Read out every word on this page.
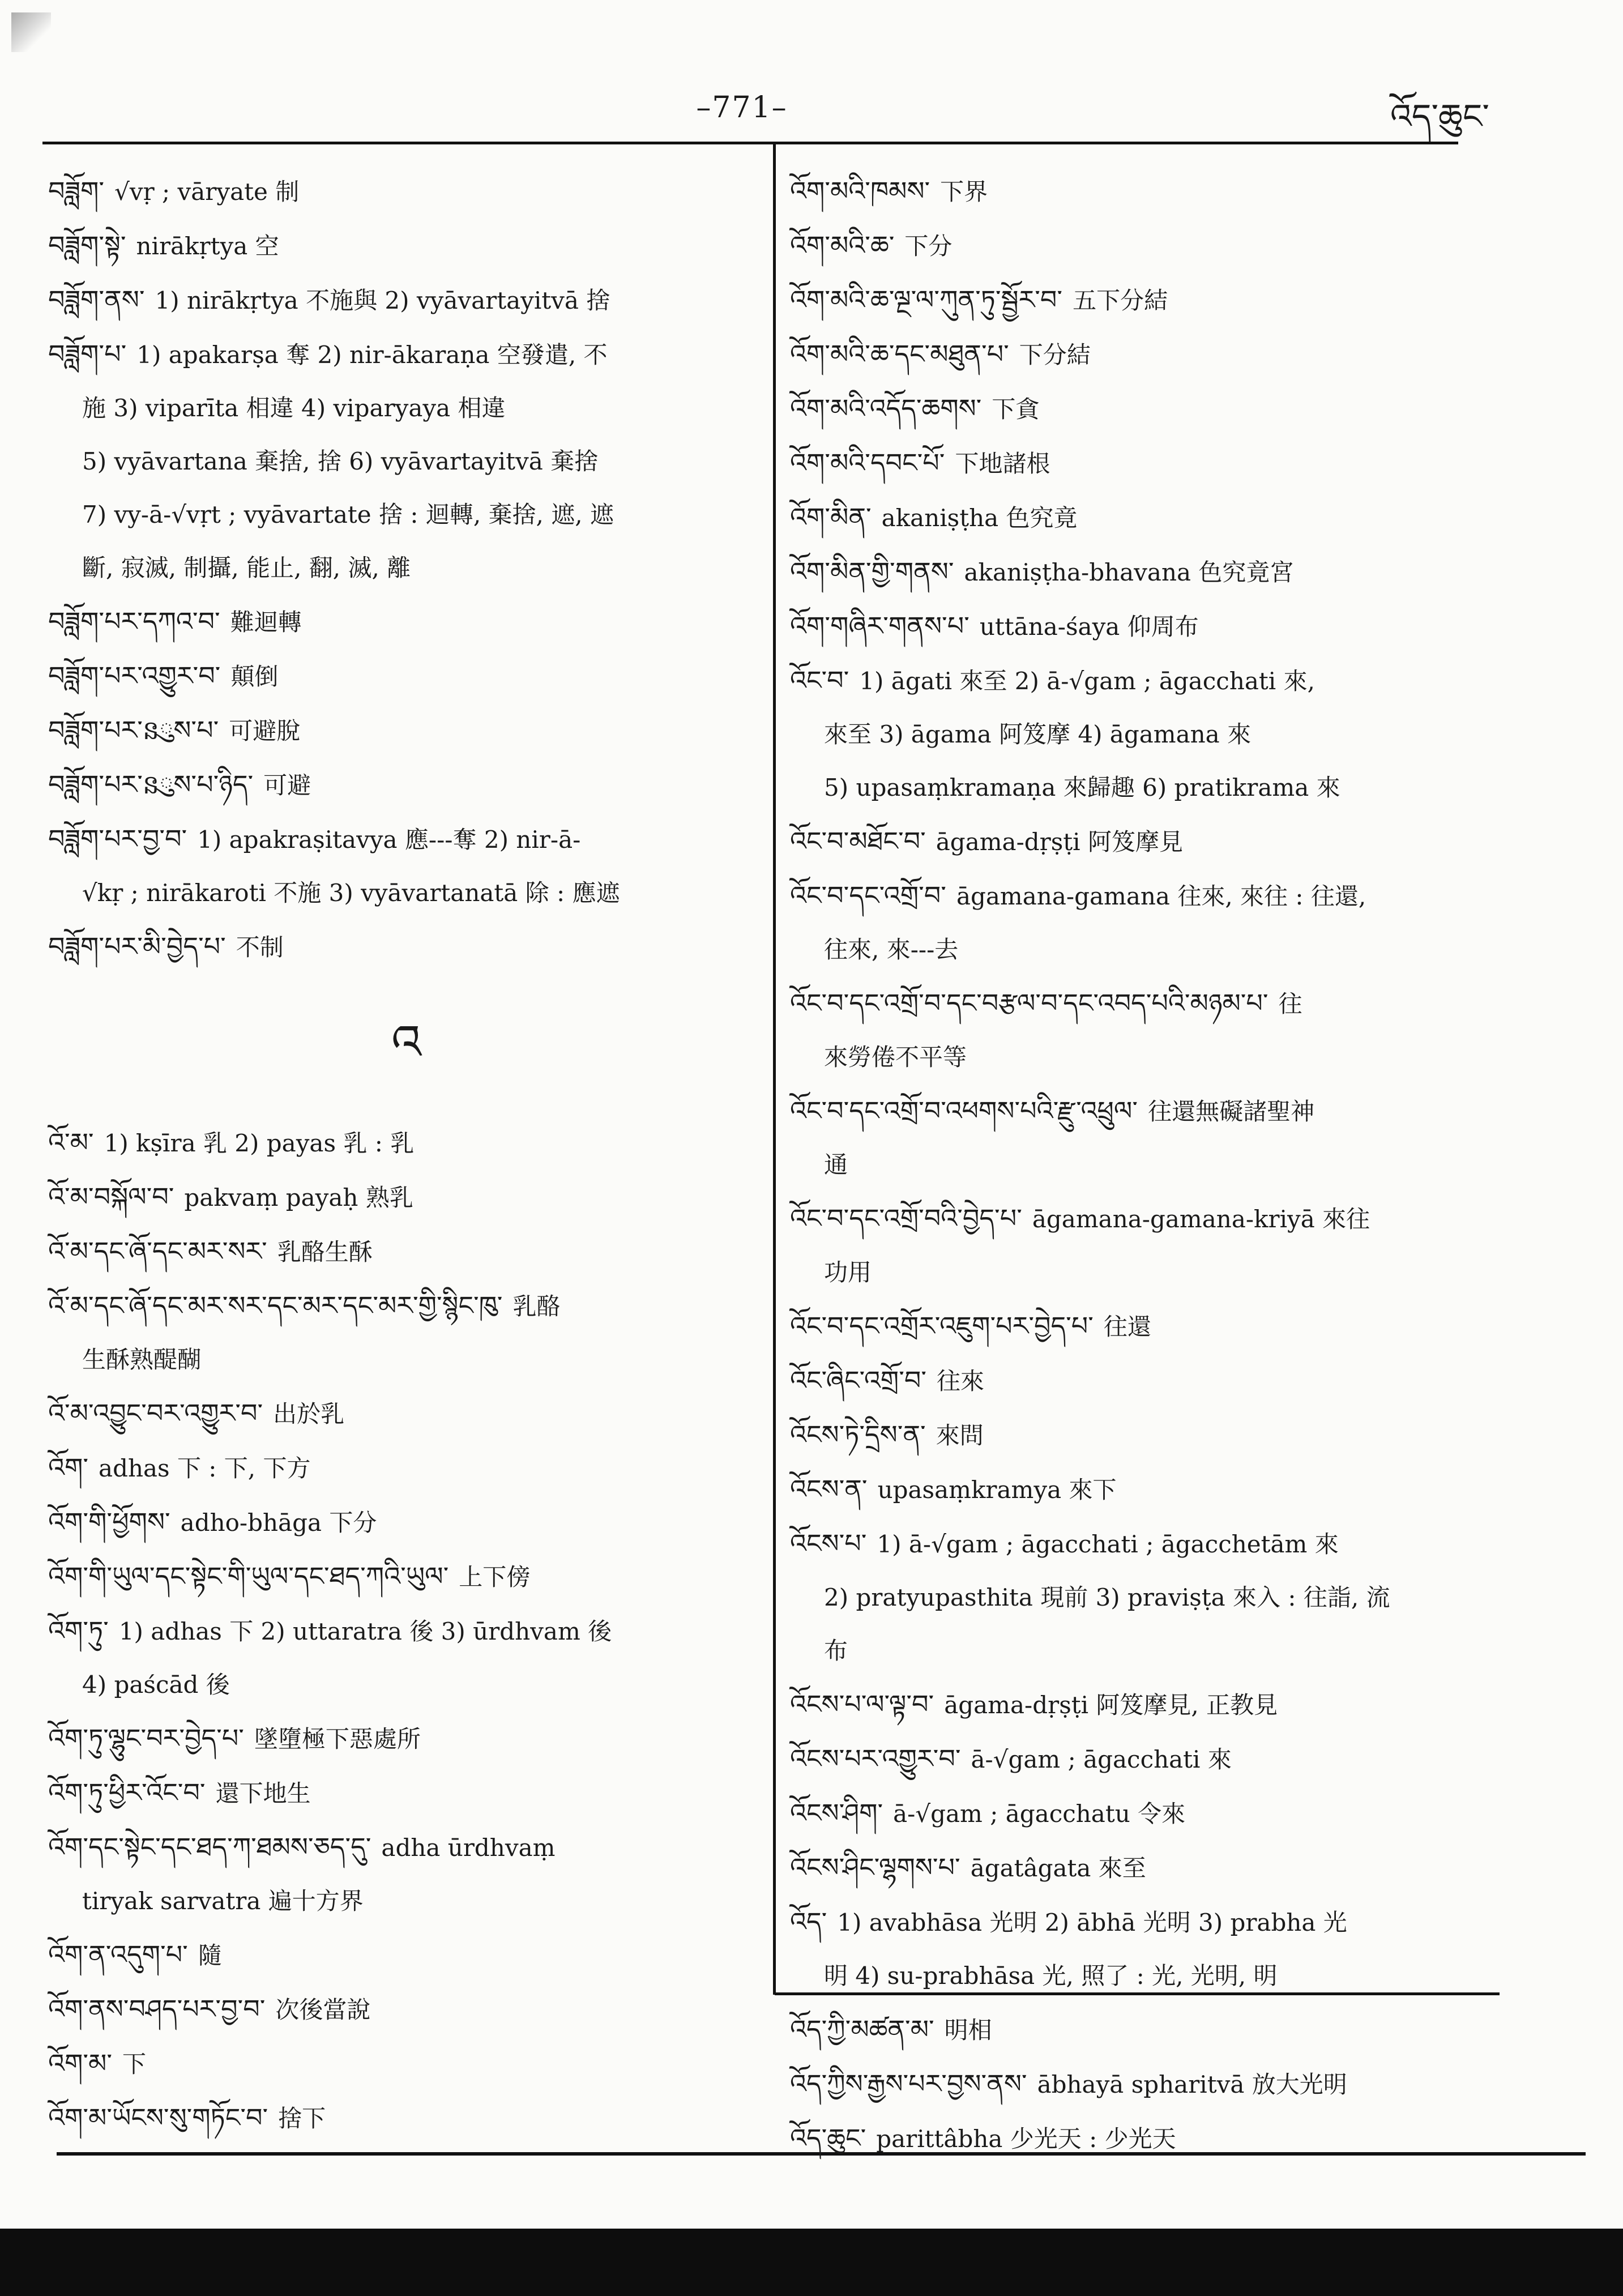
–771–	འོད་ཆུང་
བཟློག་ √vṛ ; vāryate 制
བཟློག་སྟེ་ nirākṛtya 空
བཟློག་ནས་ 1) nirākṛtya 不施與 2) vyāvartayitvā 捨
བཟློག་པ་ 1) apakarṣa 奪 2) nir-ākaraṇa 空發遣, 不
施 3) viparīta 相違 4) viparyaya 相違
5) vyāvartana 棄捨, 捨 6) vyāvartayitvā 棄捨
7) vy-ā-√vṛt ; vyāvartate 捨 : 迴轉, 棄捨, 遮, 遮
斷, 寂滅, 制攝, 能止, 翻, 滅, 離
བཟློག་པར་དཀའ་བ་ 難迴轉
བཟློག་པར་འགྱུར་བ་ 顛倒
བཟློག་པར་នུས་པ་ 可避脫
བཟློག་པར་នུས་པ་ཉིད་ 可避
བཟློག་པར་བྱ་བ་ 1) apakraṣitavya 應---奪 2) nir-ā-
√kṛ ; nirākaroti 不施 3) vyāvartanatā 除 : 應遮
བཟློག་པར་མི་བྱེད་པ་ 不制
འ
འོ་མ་ 1) kṣīra 乳 2) payas 乳 : 乳
འོ་མ་བསྐོལ་བ་ pakvaṃ payaḥ 熟乳
འོ་མ་དང་ཞོ་དང་མར་སར་ 乳酪生酥
འོ་མ་དང་ཞོ་དང་མར་སར་དང་མར་དང་མར་གྱི་སྙིང་ཁུ་ 乳酪
生酥熟醍醐
འོ་མ་འབྱུང་བར་འགྱུར་བ་ 出於乳
འོག་ adhas 下 : 下, 下方
འོག་གི་ཕྱོགས་ adho-bhāga 下分
འོག་གི་ཡུལ་དང་སྟེང་གི་ཡུལ་དང་ཐད་ཀའི་ཡུལ་ 上下傍
འོག་ཏུ་ 1) adhas 下 2) uttaratra 後 3) ūrdhvam 後
4) paścād 後
འོག་ཏུ་ལྷུང་བར་བྱེད་པ་ 墜墮極下惡處所
འོག་ཏུ་ཕྱིར་འོང་བ་ 還下地生
འོག་དང་སྟེང་དང་ཐད་ཀ་ཐམས་ཅད་དུ་ adha ūrdhvaṃ
tiryak sarvatra 遍十方界
འོག་ན་འདུག་པ་ 隨
འོག་ནས་བཤད་པར་བྱ་བ་ 次後當說
འོག་མ་ 下
འོག་མ་ཡོངས་སུ་གཏོང་བ་ 捨下
འོག་མའི་ཁམས་ 下界
འོག་མའི་ཆ་ 下分
འོག་མའི་ཆ་ལྔ་ལ་ཀུན་ཏུ་སྦྱོར་བ་ 五下分結
འོག་མའི་ཆ་དང་མཐུན་པ་ 下分結
འོག་མའི་འདོད་ཆགས་ 下貪
འོག་མའི་དབང་པོ་ 下地諸根
འོག་མིན་ akaniṣṭha 色究竟
འོག་མིན་གྱི་གནས་ akaniṣṭha-bhavana 色究竟宮
འོག་གཞིར་གནས་པ་ uttāna-śaya 仰周布
འོང་བ་ 1) āgati 來至 2) ā-√gam ; āgacchati 來,
來至 3) āgama 阿笈摩 4) āgamana 來
5) upasaṃkramaṇa 來歸趣 6) pratikrama 來
འོང་བ་མཐོང་བ་ āgama-dṛṣṭi 阿笈摩見
འོང་བ་དང་འགྲོ་བ་ āgamana-gamana 往來, 來往 : 往還,
往來, 來---去
འོང་བ་དང་འགྲོ་བ་དང་བརྩལ་བ་དང་འབད་པའི་མཉམ་པ་ 往
來勞倦不平等
འོང་བ་དང་འགྲོ་བ་འཕགས་པའི་རྫུ་འཕྲུལ་ 往還無礙諸聖神
通
འོང་བ་དང་འགྲོ་བའི་བྱེད་པ་ āgamana-gamana-kriyā 來往
功用
འོང་བ་དང་འགྲོར་འཇུག་པར་བྱེད་པ་ 往還
འོང་ཞིང་འགྲོ་བ་ 往來
འོངས་ཏེ་དྲིས་ན་ 來問
འོངས་ན་ upasaṃkramya 來下
འོངས་པ་ 1) ā-√gam ; āgacchati ; āgacchetām 來
2) pratyupasthita 現前 3) praviṣṭa 來入 : 往詣, 流
布
འོངས་པ་ལ་ལྟ་བ་ āgama-dṛṣṭi 阿笈摩見, 正教見
འོངས་པར་འགྱུར་བ་ ā-√gam ; āgacchati 來
འོངས་ཤིག་ ā-√gam ; āgacchatu 令來
འོངས་ཤིང་ལྷགས་པ་ āgatâgata 來至
འོད་ 1) avabhāsa 光明 2) ābhā 光明 3) prabha 光
明 4) su-prabhāsa 光, 照了 : 光, 光明, 明
འོད་ཀྱི་མཚན་མ་ 明相
འོད་ཀྱིས་རྒྱས་པར་བྱས་ནས་ ābhayā spharitvā 放大光明
འོད་ཆུང་ parittâbha 少光天 : 少光天
